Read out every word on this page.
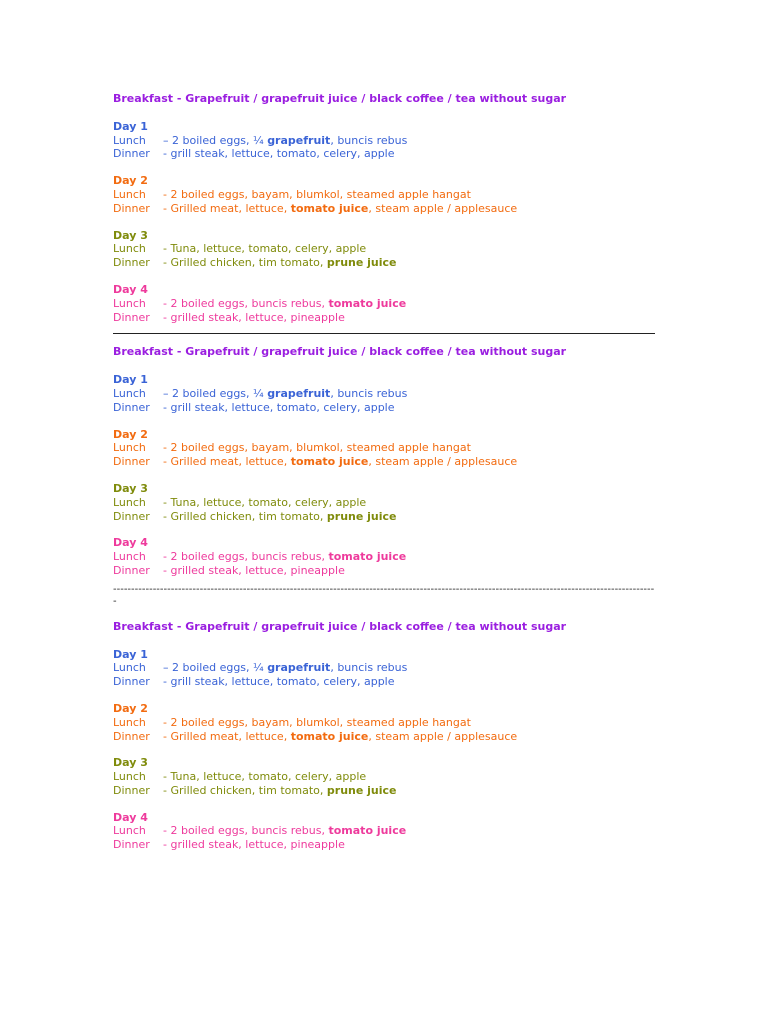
Breakfast - Grapefruit / grapefruit juice / black coffee / tea without sugar
Day 1
Lunch – 2 boiled eggs, ¼ grapefruit, buncis rebus
Dinner - grill steak, lettuce, tomato, celery, apple
Day 2
Lunch - 2 boiled eggs, bayam, blumkol, steamed apple hangat
Dinner - Grilled meat, lettuce, tomato juice, steam apple / applesauce
Day 3
Lunch - Tuna, lettuce, tomato, celery, apple
Dinner - Grilled chicken, tim tomato, prune juice
Day 4
Lunch - 2 boiled eggs, buncis rebus, tomato juice
Dinner - grilled steak, lettuce, pineapple
Breakfast - Grapefruit / grapefruit juice / black coffee / tea without sugar
Day 1
Lunch – 2 boiled eggs, ¼ grapefruit, buncis rebus
Dinner - grill steak, lettuce, tomato, celery, apple
Day 2
Lunch - 2 boiled eggs, bayam, blumkol, steamed apple hangat
Dinner - Grilled meat, lettuce, tomato juice, steam apple / applesauce
Day 3
Lunch - Tuna, lettuce, tomato, celery, apple
Dinner - Grilled chicken, tim tomato, prune juice
Day 4
Lunch - 2 boiled eggs, buncis rebus, tomato juice
Dinner - grilled steak, lettuce, pineapple
-------------------------------------------------------------------------------------------------------------------------------------------------------
Breakfast - Grapefruit / grapefruit juice / black coffee / tea without sugar
Day 1
Lunch – 2 boiled eggs, ¼ grapefruit, buncis rebus
Dinner - grill steak, lettuce, tomato, celery, apple
Day 2
Lunch - 2 boiled eggs, bayam, blumkol, steamed apple hangat
Dinner - Grilled meat, lettuce, tomato juice, steam apple / applesauce
Day 3
Lunch - Tuna, lettuce, tomato, celery, apple
Dinner - Grilled chicken, tim tomato, prune juice
Day 4
Lunch - 2 boiled eggs, buncis rebus, tomato juice
Dinner - grilled steak, lettuce, pineapple
